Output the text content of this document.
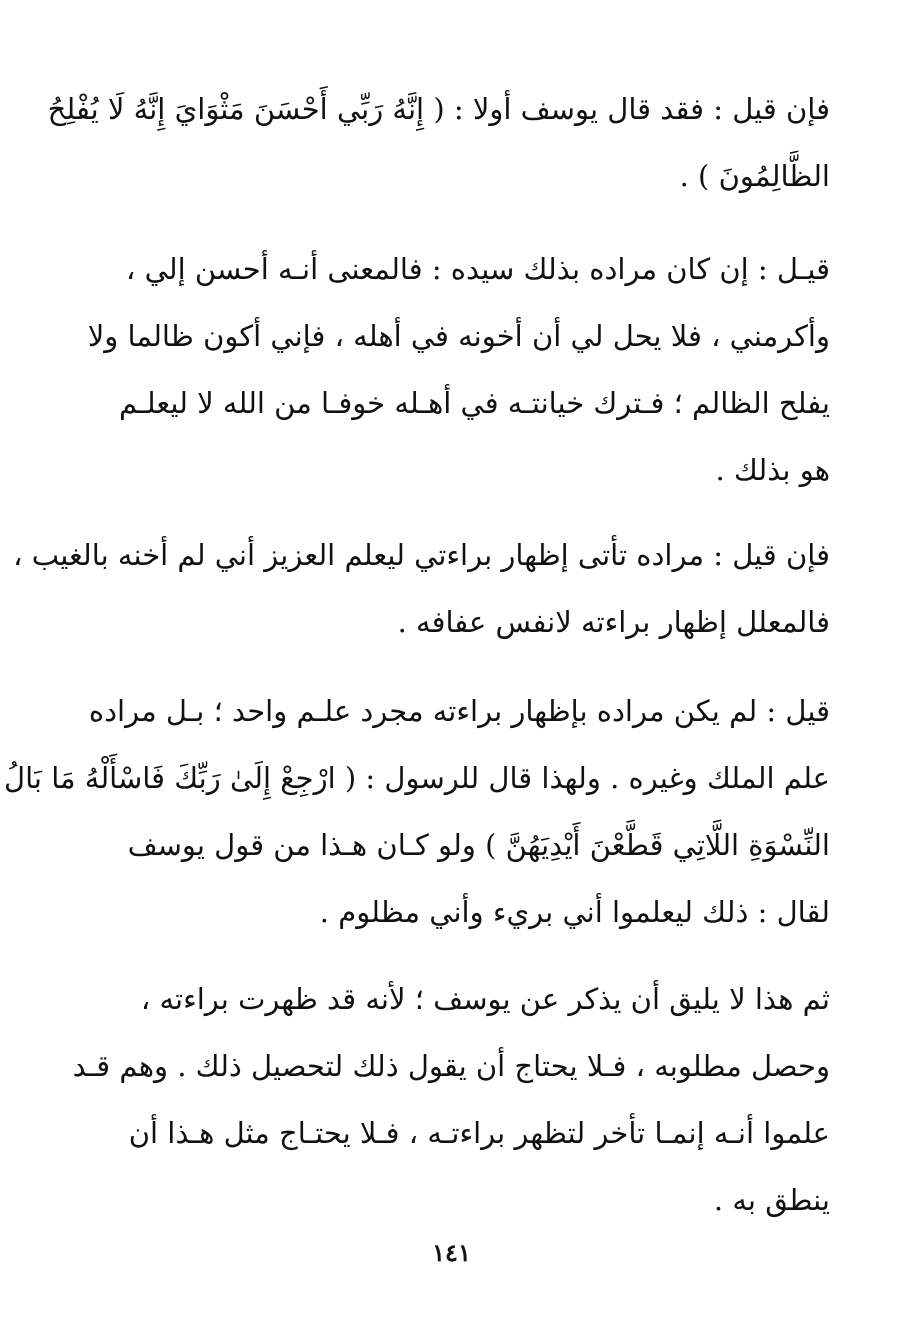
فإن قيل : فقد قال يوسف أولا : ( إِنَّهُ رَبِّي أَحْسَنَ مَثْوَايَ إِنَّهُ لَا يُفْلِحُ
الظَّالِمُونَ ) .
قيـل : إن كان مراده بذلك سيده : فالمعنى أنـه أحسن إلي ،
وأكرمني ، فلا يحل لي أن أخونه في أهله ، فإني أكون ظالما ولا
يفلح الظالم ؛ فـترك خيانتـه في أهـله خوفـا من الله لا ليعلـم
هو بذلك .
فإن قيل : مراده تأتى إظهار براءتي ليعلم العزيز أني لم أخنه بالغيب ،
فالمعلل إظهار براءته لانفس عفافه .
قيل : لم يكن مراده بإظهار براءته مجرد علـم واحد ؛ بـل مراده
علم الملك وغيره . ولهذا قال للرسول : ( ارْجِعْ إِلَىٰ رَبِّكَ فَاسْأَلْهُ مَا بَالُ
النِّسْوَةِ اللَّاتِي قَطَّعْنَ أَيْدِيَهُنَّ ) ولو كـان هـذا من قول يوسف
لقال : ذلك ليعلموا أني بريء وأني مظلوم .
ثم هذا لا يليق أن يذكر عن يوسف ؛ لأنه قد ظهرت براءته ،
وحصل مطلوبه ، فـلا يحتاج أن يقول ذلك لتحصيل ذلك . وهم قـد
علموا أنـه إنمـا تأخر لتظهر براءتـه ، فـلا يحتـاج مثل هـذا أن
ينطق به .
١٤١
